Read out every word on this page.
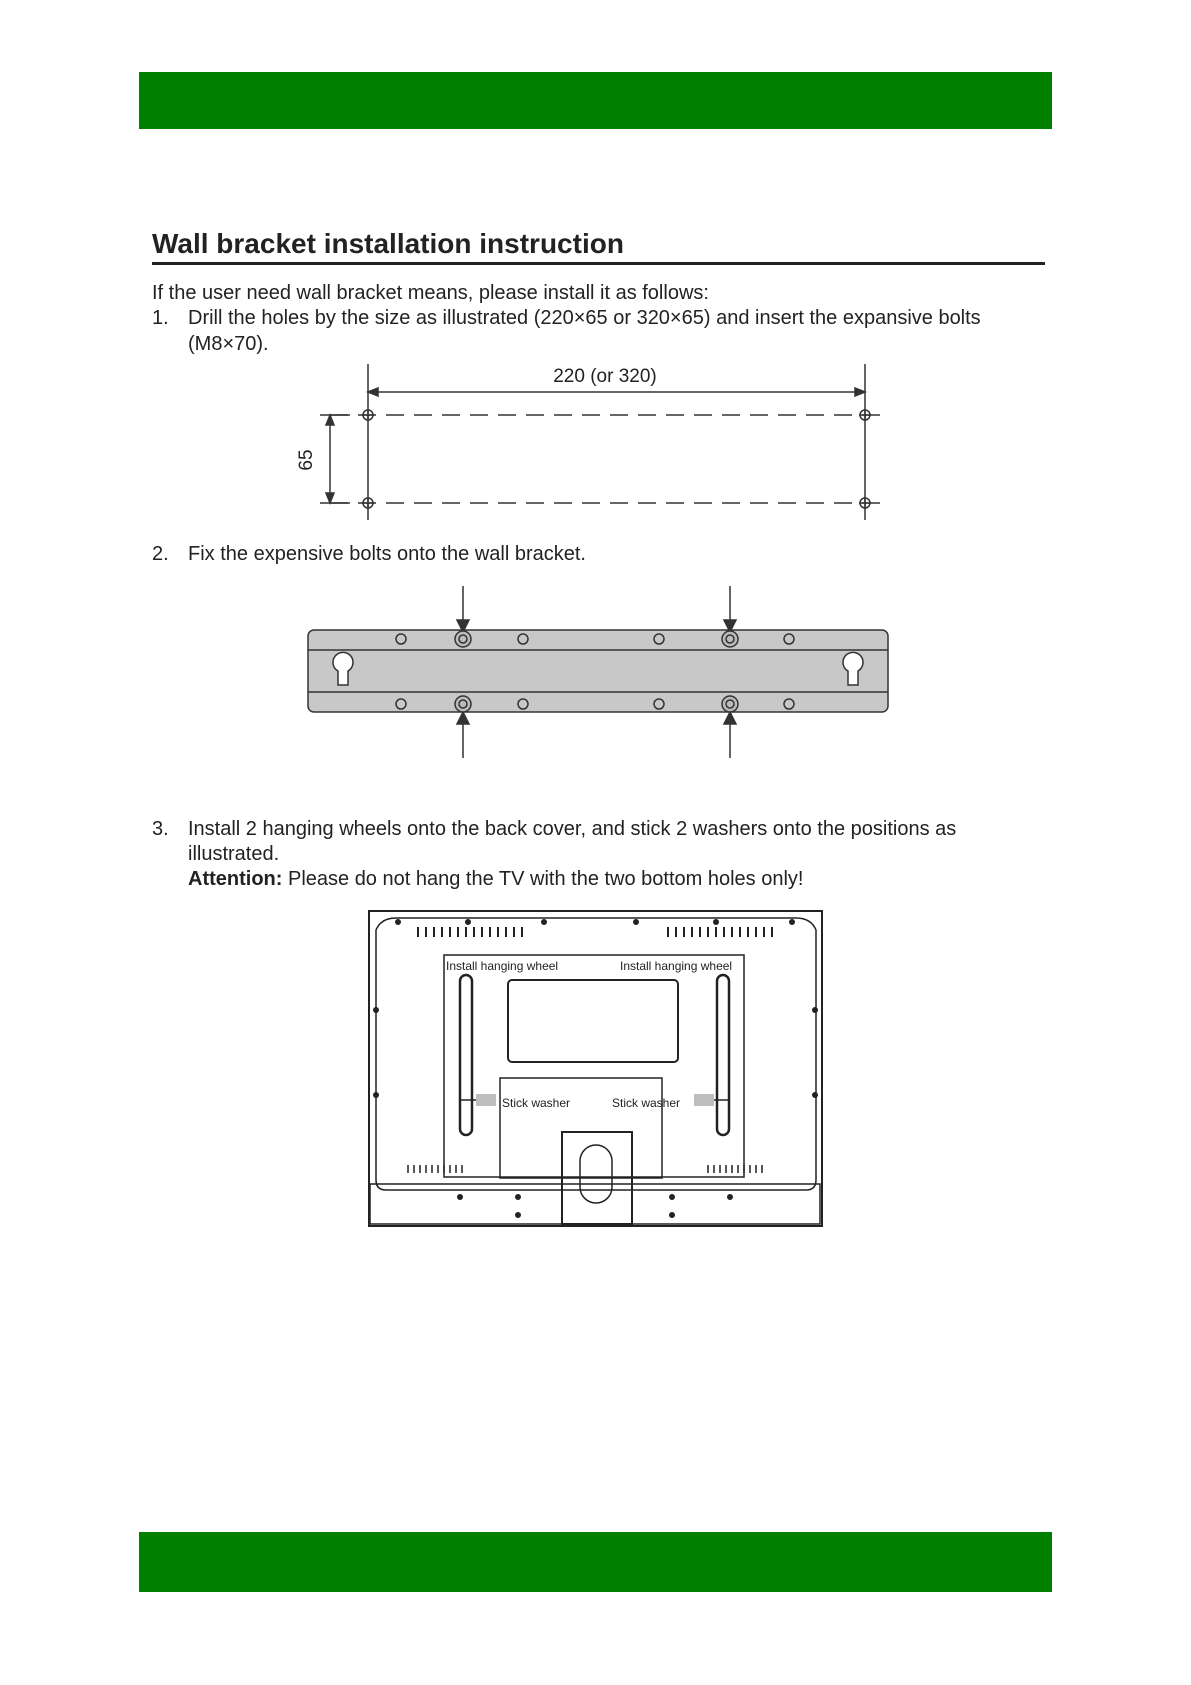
Wall bracket installation instruction
If the user need wall bracket means, please install it as follows:
1. Drill the holes by the size as illustrated (220×65 or 320×65) and insert the expansive bolts
(M8×70).
220 (or 320)
65
2. Fix the expensive bolts onto the wall bracket.
3. Install 2 hanging wheels onto the back cover, and stick 2 washers onto the positions as
illustrated.
Attention: Please do not hang the TV with the two bottom holes only!
Install hanging wheel	Install hanging wheel
Stick washer	Stick washer
